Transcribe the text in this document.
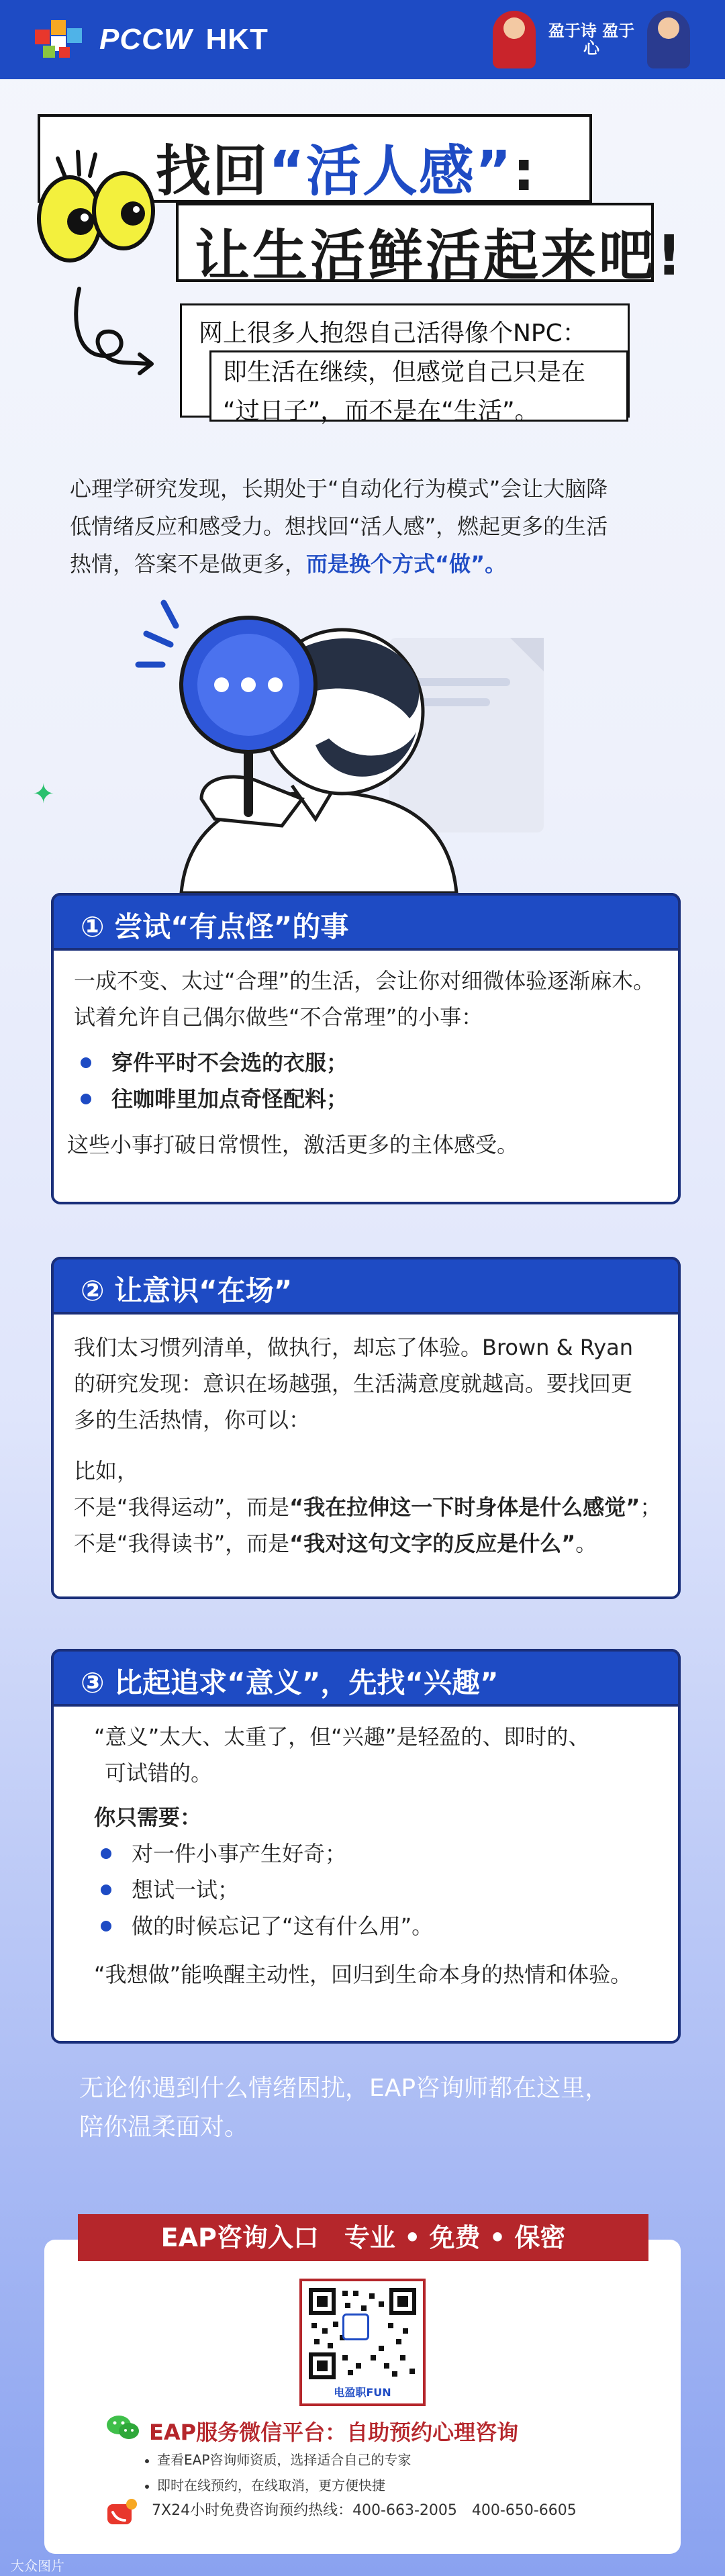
PCCW HKT	盈于诗 盈于心
找回“活人感”:
让生活鲜活起来吧!
网上很多人抱怨自己活得像个NPC：
即生活在继续，但感觉自己只是在
“过日子”，而不是在“生活”。

心理学研究发现，长期处于“自动化行为模式”会让大脑降

低情绪反应和感受力。想找回“活人感”，燃起更多的生活

热情，答案不是做更多，而是换个方式“做”。

✦
① 尝试“有点怪”的事

一成不变、太过“合理”的生活，会让你对细微体验逐渐麻木。

试着允许自己偶尔做些“不合常理”的小事：

穿件平时不会选的衣服；
往咖啡里加点奇怪配料；

这些小事打破日常惯性，激活更多的主体感受。

② 让意识“在场”

我们太习惯列清单，做执行，却忘了体验。Brown & Ryan

的研究发现：意识在场越强，生活满意度就越高。要找回更

多的生活热情，你可以：

比如，

不是“我得运动”，而是“我在拉伸这一下时身体是什么感觉”；

不是“我得读书”，而是“我对这句文字的反应是什么”。

③ 比起追求“意义”，先找“兴趣”

“意义”太大、太重了，但“兴趣”是轻盈的、即时的、

可试错的。

你只需要：

对一件小事产生好奇；
想试一试；
做的时候忘记了“这有什么用”。

“我想做”能唤醒主动性，回归到生命本身的热情和体验。

无论你遇到什么情绪困扰，EAP咨询师都在这里，

陪你温柔面对。

EAP咨询入口　专业 • 免费 • 保密
电盈职FUN
EAP服务微信平台：自助预约心理咨询
查看EAP咨询师资质，选择适合自己的专家
即时在线预约，在线取消，更方便快捷
7X24小时免费咨询预约热线：400-663-2005　400-650-6605
大众图片
